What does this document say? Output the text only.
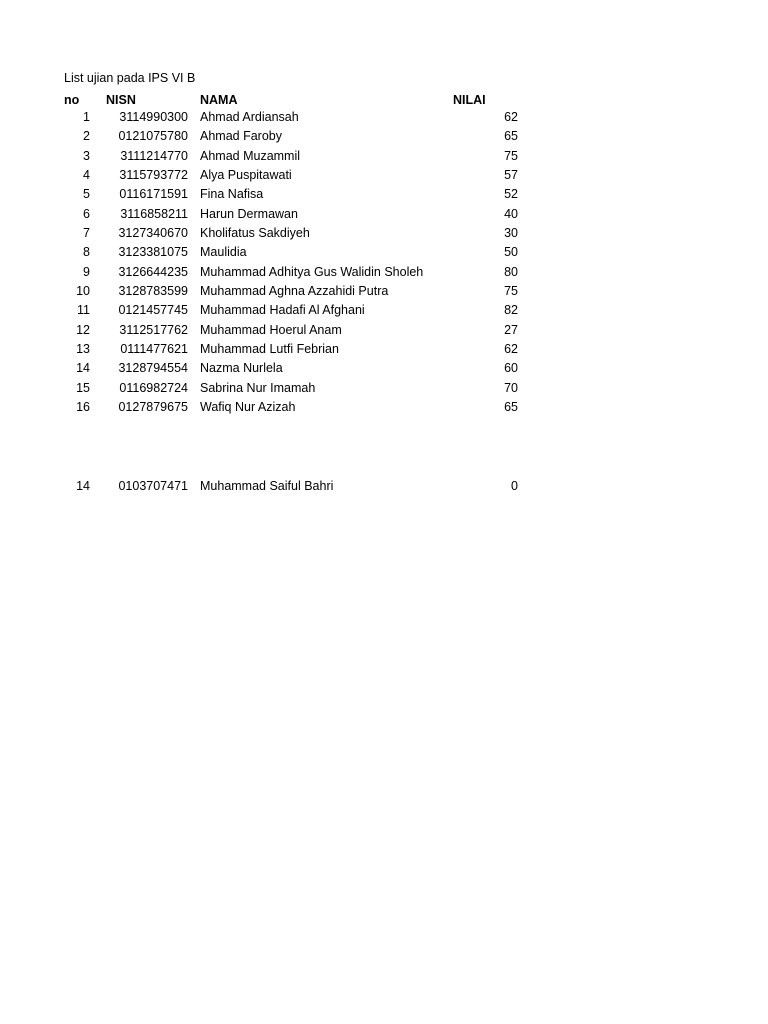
List ujian pada IPS VI B
no NISN	NAMA	NILAI
1	3114990300 Ahmad Ardiansah	62
2	0121075780 Ahmad Faroby	65
3	3111214770 Ahmad Muzammil	75
4	3115793772 Alya Puspitawati	57
5	0116171591 Fina Nafisa	52
6	3116858211 Harun Dermawan	40
7	3127340670 Kholifatus Sakdiyeh	30
8	3123381075 Maulidia	50
9	3126644235 Muhammad Adhitya Gus Walidin Sholeh	80
10	3128783599 Muhammad Aghna Azzahidi Putra	75
11	0121457745 Muhammad Hadafi Al Afghani	82
12	3112517762 Muhammad Hoerul Anam	27
13	0111477621 Muhammad Lutfi Febrian	62
14	3128794554 Nazma Nurlela	60
15	0116982724 Sabrina Nur Imamah	70
16	0127879675 Wafiq Nur Azizah	65
14	0103707471 Muhammad Saiful Bahri	0
